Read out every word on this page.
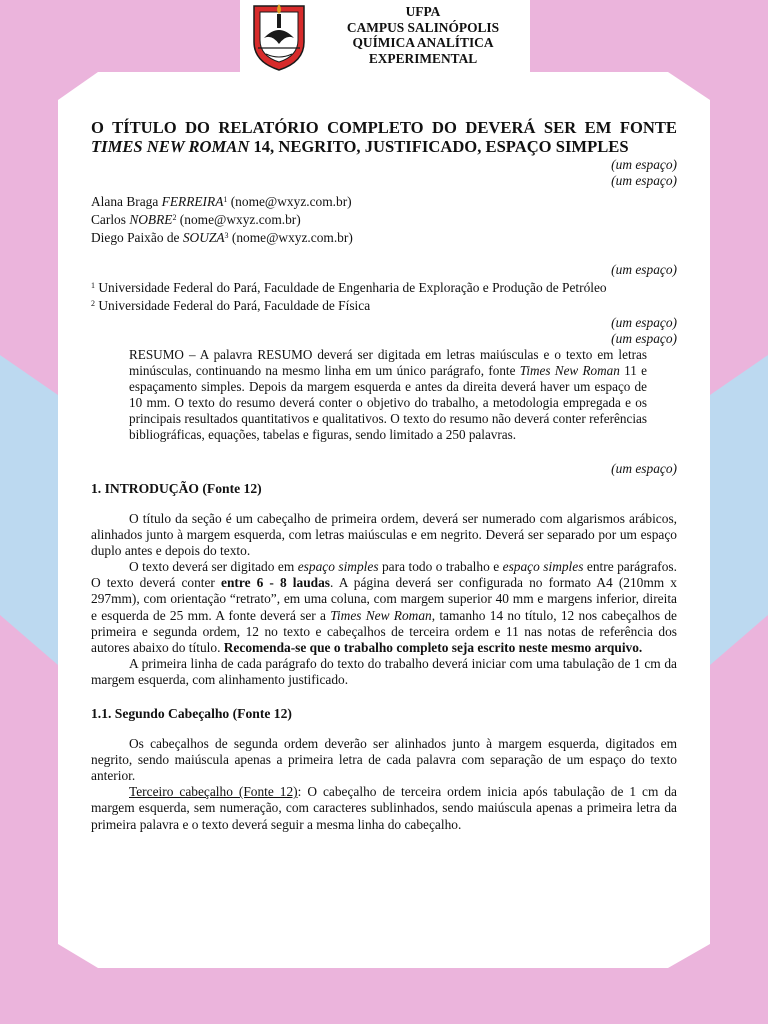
UFPA
CAMPUS SALINÓPOLIS
QUÍMICA ANALÍTICA
EXPERIMENTAL
O TÍTULO DO RELATÓRIO COMPLETO DO DEVERÁ SER EM FONTE TIMES NEW ROMAN 14, NEGRITO, JUSTIFICADO, ESPAÇO SIMPLES
(um espaço)
(um espaço)
Alana Braga FERREIRA$^1$ (nome@wxyz.com.br)
Carlos NOBRE$^2$ (nome@wxyz.com.br)
Diego Paixão de SOUZA$^3$ (nome@wxyz.com.br)
(um espaço)
$^1$ Universidade Federal do Pará, Faculdade de Engenharia de Exploração e Produção de Petróleo
$^2$ Universidade Federal do Pará, Faculdade de Física
(um espaço)
(um espaço)
RESUMO – A palavra RESUMO deverá ser digitada em letras maiúsculas e o texto em letras minúsculas, continuando na mesmo linha em um único parágrafo, fonte Times New Roman 11 e espaçamento simples. Depois da margem esquerda e antes da direita deverá haver um espaço de 10 mm. O texto do resumo deverá conter o objetivo do trabalho, a metodologia empregada e os principais resultados quantitativos e qualitativos. O texto do resumo não deverá conter referências bibliográficas, equações, tabelas e figuras, sendo limitado a 250 palavras.
(um espaço)
1. INTRODUÇÃO (Fonte 12)

O título da seção é um cabeçalho de primeira ordem, deverá ser numerado com algarismos arábicos, alinhados junto à margem esquerda, com letras maiúsculas e em negrito. Deverá ser separado por um espaço duplo antes e depois do texto.

O texto deverá ser digitado em espaço simples para todo o trabalho e espaço simples entre parágrafos. O texto deverá conter entre 6 - 8 laudas. A página deverá ser configurada no formato A4 (210mm x 297mm), com orientação “retrato”, em uma coluna, com margem superior 40 mm e margens inferior, direita e esquerda de 25 mm. A fonte deverá ser a Times New Roman, tamanho 14 no título, 12 nos cabeçalhos de primeira e segunda ordem, 12 no texto e cabeçalhos de terceira ordem e 11 nas notas de referência dos autores abaixo do título. Recomenda-se que o trabalho completo seja escrito neste mesmo arquivo.

A primeira linha de cada parágrafo do texto do trabalho deverá iniciar com uma tabulação de 1 cm da margem esquerda, com alinhamento justificado.

1.1. Segundo Cabeçalho (Fonte 12)

Os cabeçalhos de segunda ordem deverão ser alinhados junto à margem esquerda, digitados em negrito, sendo maiúscula apenas a primeira letra de cada palavra com separação de um espaço do texto anterior.

Terceiro cabeçalho (Fonte 12): O cabeçalho de terceira ordem inicia após tabulação de 1 cm da margem esquerda, sem numeração, com caracteres sublinhados, sendo maiúscula apenas a primeira letra da primeira palavra e o texto deverá seguir a mesma linha do cabeçalho.
